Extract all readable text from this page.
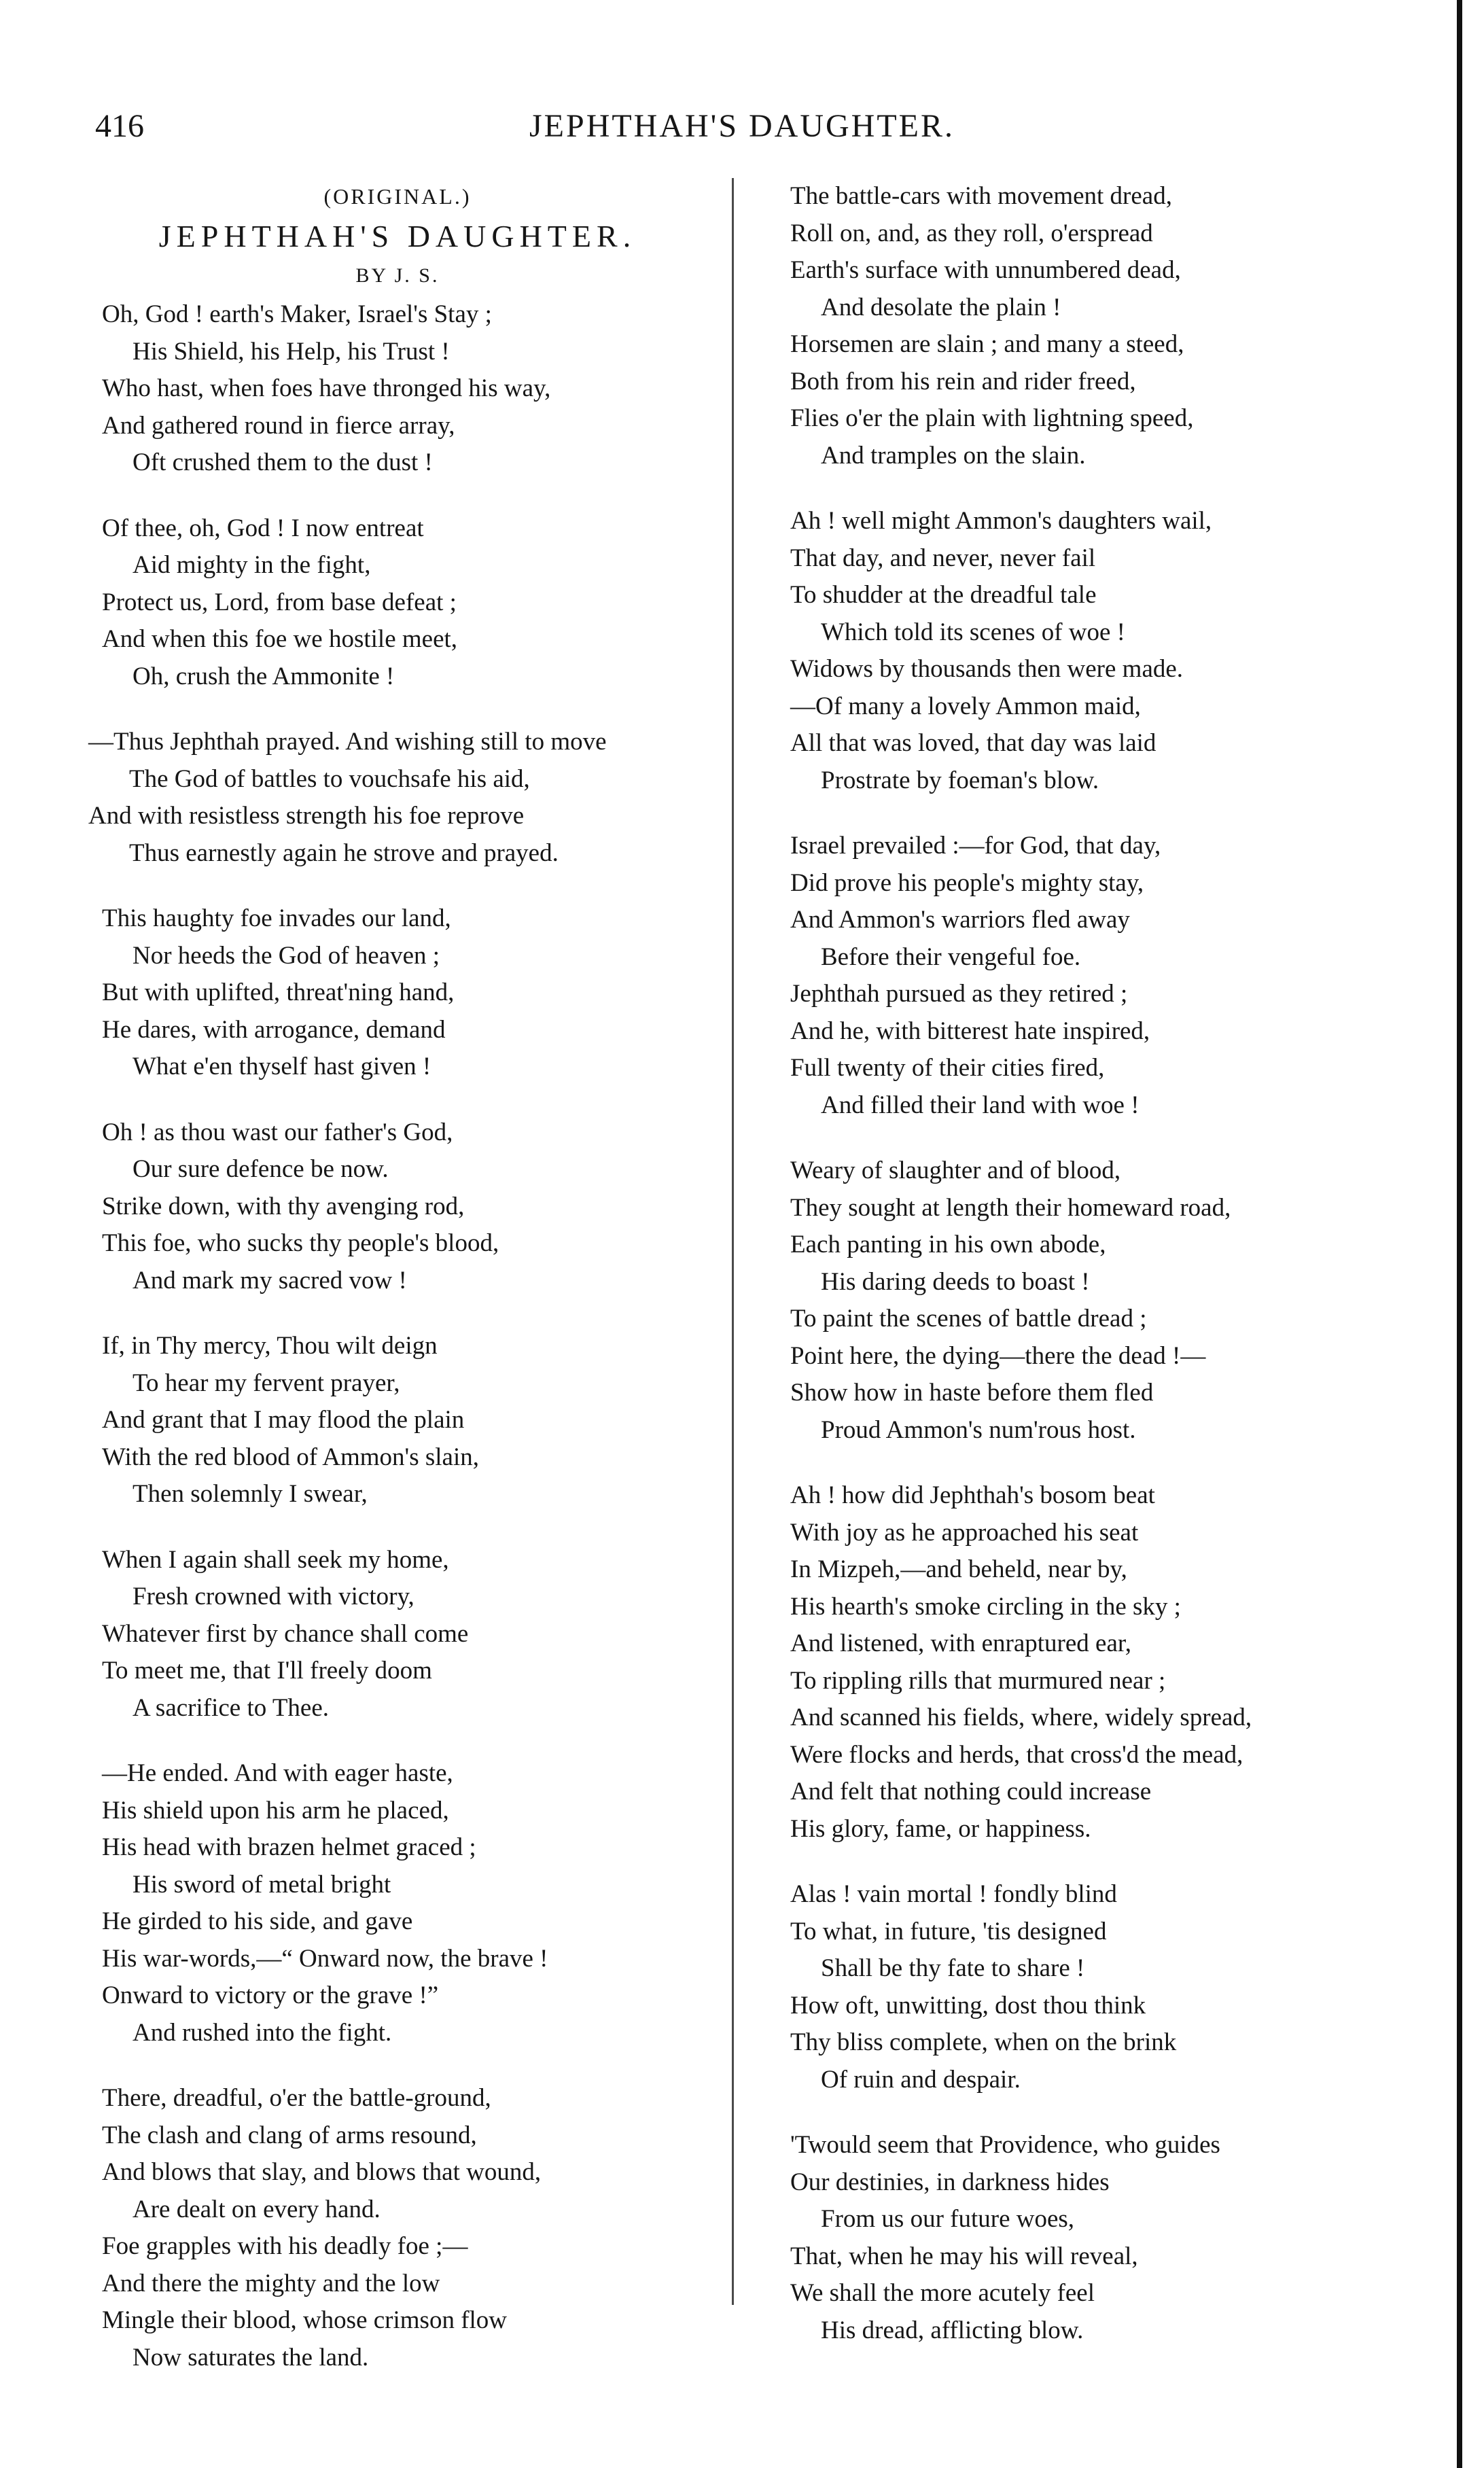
416	JEPHTHAH'S DAUGHTER.
(ORIGINAL.)
JEPHTHAH'S DAUGHTER.
BY J. S.
Oh, God ! earth's Maker, Israel's Stay ;
His Shield, his Help, his Trust !
Who hast, when foes have thronged his way,
And gathered round in fierce array,
Oft crushed them to the dust !
Of thee, oh, God ! I now entreat
Aid mighty in the fight,
Protect us, Lord, from base defeat ;
And when this foe we hostile meet,
Oh, crush the Ammonite !
—Thus Jephthah prayed. And wishing still to move
The God of battles to vouchsafe his aid,
And with resistless strength his foe reprove
Thus earnestly again he strove and prayed.
This haughty foe invades our land,
Nor heeds the God of heaven ;
But with uplifted, threat'ning hand,
He dares, with arrogance, demand
What e'en thyself hast given !
Oh ! as thou wast our father's God,
Our sure defence be now.
Strike down, with thy avenging rod,
This foe, who sucks thy people's blood,
And mark my sacred vow !
If, in Thy mercy, Thou wilt deign
To hear my fervent prayer,
And grant that I may flood the plain
With the red blood of Ammon's slain,
Then solemnly I swear,
When I again shall seek my home,
Fresh crowned with victory,
Whatever first by chance shall come
To meet me, that I'll freely doom
A sacrifice to Thee.
—He ended. And with eager haste,
His shield upon his arm he placed,
His head with brazen helmet graced ;
His sword of metal bright
He girded to his side, and gave
His war-words,—“ Onward now, the brave !
Onward to victory or the grave !”
And rushed into the fight.
There, dreadful, o'er the battle-ground,
The clash and clang of arms resound,
And blows that slay, and blows that wound,
Are dealt on every hand.
Foe grapples with his deadly foe ;—
And there the mighty and the low
Mingle their blood, whose crimson flow
Now saturates the land.
The battle-cars with movement dread,
Roll on, and, as they roll, o'erspread
Earth's surface with unnumbered dead,
And desolate the plain !
Horsemen are slain ; and many a steed,
Both from his rein and rider freed,
Flies o'er the plain with lightning speed,
And tramples on the slain.
Ah ! well might Ammon's daughters wail,
That day, and never, never fail
To shudder at the dreadful tale
Which told its scenes of woe !
Widows by thousands then were made.
—Of many a lovely Ammon maid,
All that was loved, that day was laid
Prostrate by foeman's blow.
Israel prevailed :—for God, that day,
Did prove his people's mighty stay,
And Ammon's warriors fled away
Before their vengeful foe.
Jephthah pursued as they retired ;
And he, with bitterest hate inspired,
Full twenty of their cities fired,
And filled their land with woe !
Weary of slaughter and of blood,
They sought at length their homeward road,
Each panting in his own abode,
His daring deeds to boast !
To paint the scenes of battle dread ;
Point here, the dying—there the dead !—
Show how in haste before them fled
Proud Ammon's num'rous host.
Ah ! how did Jephthah's bosom beat
With joy as he approached his seat
In Mizpeh,—and beheld, near by,
His hearth's smoke circling in the sky ;
And listened, with enraptured ear,
To rippling rills that murmured near ;
And scanned his fields, where, widely spread,
Were flocks and herds, that cross'd the mead,
And felt that nothing could increase
His glory, fame, or happiness.
Alas ! vain mortal ! fondly blind
To what, in future, 'tis designed
Shall be thy fate to share !
How oft, unwitting, dost thou think
Thy bliss complete, when on the brink
Of ruin and despair.
'Twould seem that Providence, who guides
Our destinies, in darkness hides
From us our future woes,
That, when he may his will reveal,
We shall the more acutely feel
His dread, afflicting blow.
